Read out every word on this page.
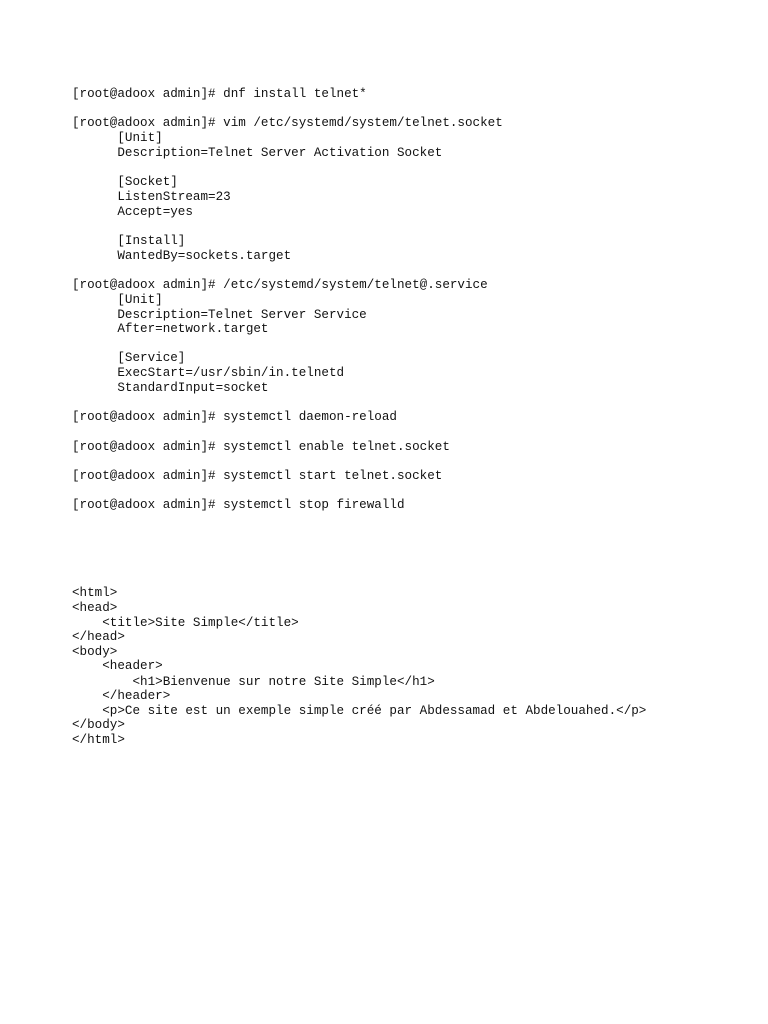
[root@adoox admin]# dnf install telnet*

[root@adoox admin]# vim /etc/systemd/system/telnet.socket

[Unit]

Description=Telnet Server Activation Socket

[Socket]

ListenStream=23

Accept=yes

[Install]

WantedBy=sockets.target

[root@adoox admin]# /etc/systemd/system/telnet@.service

[Unit]

Description=Telnet Server Service

After=network.target

[Service]

ExecStart=/usr/sbin/in.telnetd

StandardInput=socket

[root@adoox admin]# systemctl daemon-reload

[root@adoox admin]# systemctl enable telnet.socket

[root@adoox admin]# systemctl start telnet.socket

[root@adoox admin]# systemctl stop firewalld

<html>

<head>

<title>Site Simple</title>

</head>

<body>

<header>

<h1>Bienvenue sur notre Site Simple</h1>

</header>

<p>Ce site est un exemple simple créé par Abdessamad et Abdelouahed.</p>

</body>

</html>
